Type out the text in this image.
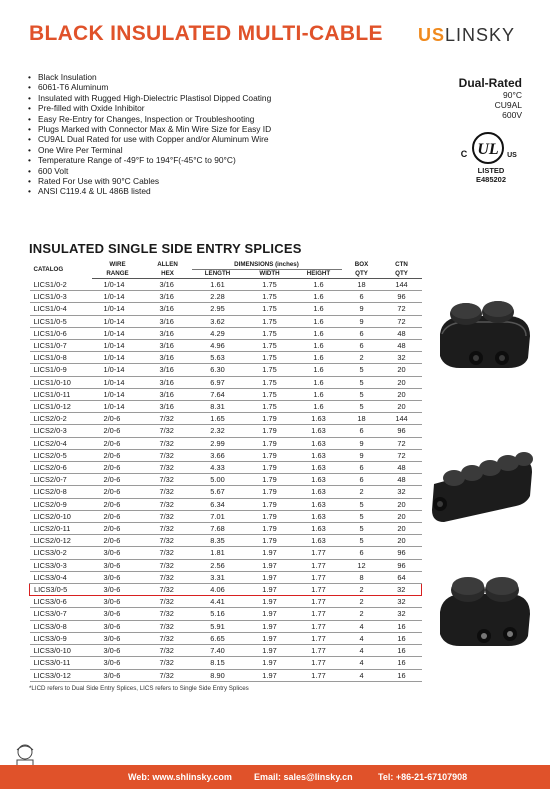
BLACK INSULATED MULTI-CABLE USLINSKY
• Black Insulation
• 6061-T6 Aluminum
• Insulated with Rugged High-Dielectric Plastisol Dipped Coating
• Pre-filled with Oxide Inhibitor
• Easy Re-Entry for Changes, Inspection or Troubleshooting
• Plugs Marked with Connector Max & Min Wire Size for Easy ID
• CU9AL Dual Rated for use with Copper and/or Aluminum Wire
• One Wire Per Terminal
• Temperature Range of -49°F to 194°F(-45°C to 90°C)
• 600 Volt
• Rated For Use with 90°C Cables
• ANSI C119.4 & UL 486B listed
Dual-Rated
90°C
CU9AL
600V
UL
C	US
LISTED
E485202
INSULATED SINGLE SIDE ENTRY SPLICES
CATALOG	WIRE	ALLEN	DIMENSIONS (inches)			BOX	CTN
	RANGE	HEX	LENGTH	WIDTH	HEIGHT	QTY	QTY
LICS1/0-2	1/0-14	3/16	1.61	1.75	1.6	18	144
LICS1/0-3	1/0-14	3/16	2.28	1.75	1.6	6	96
LICS1/0-4	1/0-14	3/16	2.95	1.75	1.6	9	72
LICS1/0-5	1/0-14	3/16	3.62	1.75	1.6	9	72
LICS1/0-6	1/0-14	3/16	4.29	1.75	1.6	6	48
LICS1/0-7	1/0-14	3/16	4.96	1.75	1.6	6	48
LICS1/0-8	1/0-14	3/16	5.63	1.75	1.6	2	32
LICS1/0-9	1/0-14	3/16	6.30	1.75	1.6	5	20
LICS1/0-10	1/0-14	3/16	6.97	1.75	1.6	5	20
LICS1/0-11	1/0-14	3/16	7.64	1.75	1.6	5	20
LICS1/0-12	1/0-14	3/16	8.31	1.75	1.6	5	20
LICS2/0-2	2/0-6	7/32	1.65	1.79	1.63	18	144
LICS2/0-3	2/0-6	7/32	2.32	1.79	1.63	6	96
LICS2/0-4	2/0-6	7/32	2.99	1.79	1.63	9	72
LICS2/0-5	2/0-6	7/32	3.66	1.79	1.63	9	72
LICS2/0-6	2/0-6	7/32	4.33	1.79	1.63	6	48
LICS2/0-7	2/0-6	7/32	5.00	1.79	1.63	6	48
LICS2/0-8	2/0-6	7/32	5.67	1.79	1.63	2	32
LICS2/0-9	2/0-6	7/32	6.34	1.79	1.63	5	20
LICS2/0-10	2/0-6	7/32	7.01	1.79	1.63	5	20
LICS2/0-11	2/0-6	7/32	7.68	1.79	1.63	5	20
LICS2/0-12	2/0-6	7/32	8.35	1.79	1.63	5	20
LICS3/0-2	3/0-6	7/32	1.81	1.97	1.77	6	96
LICS3/0-3	3/0-6	7/32	2.56	1.97	1.77	12	96
LICS3/0-4	3/0-6	7/32	3.31	1.97	1.77	8	64
LICS3/0-5	3/0-6	7/32	4.06	1.97	1.77	2	32
LICS3/0-6	3/0-6	7/32	4.41	1.97	1.77	2	32
LICS3/0-7	3/0-6	7/32	5.16	1.97	1.77	2	32
LICS3/0-8	3/0-6	7/32	5.91	1.97	1.77	4	16
LICS3/0-9	3/0-6	7/32	6.65	1.97	1.77	4	16
LICS3/0-10	3/0-6	7/32	7.40	1.97	1.77	4	16
LICS3/0-11	3/0-6	7/32	8.15	1.97	1.77	4	16
LICS3/0-12	3/0-6	7/32	8.90	1.97	1.77	4	16
*LICD refers to Dual Side Entry Splices, LICS refers to Single Side Entry Splices
Web: www.shlinsky.com Email: sales@linsky.cn	Tel: +86-21-67107908
